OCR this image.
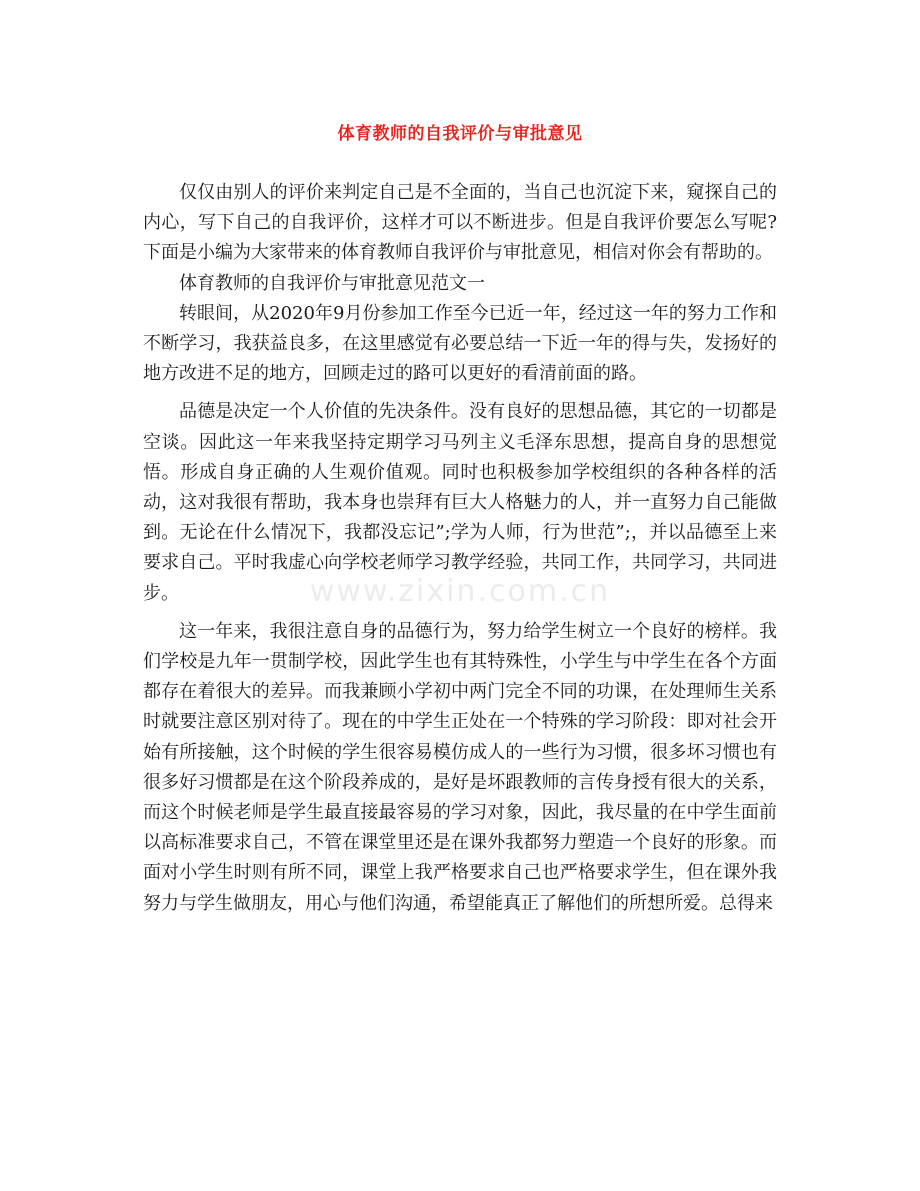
体育教师的自我评价与审批意见
www.zixin.com.cn

仅仅由别人的评价来判定自己是不全面的，当自己也沉淀下来，窥探自己的内心，写下自己的自我评价，这样才可以不断进步。但是自我评价要怎么写呢?下面是小编为大家带来的体育教师自我评价与审批意见，相信对你会有帮助的。

体育教师的自我评价与审批意见范文一

转眼间，从2020年9月份参加工作至今已近一年，经过这一年的努力工作和不断学习，我获益良多，在这里感觉有必要总结一下近一年的得与失，发扬好的地方改进不足的地方，回顾走过的路可以更好的看清前面的路。

品德是决定一个人价值的先决条件。没有良好的思想品德，其它的一切都是空谈。因此这一年来我坚持定期学习马列主义毛泽东思想，提高自身的思想觉悟。形成自身正确的人生观价值观。同时也积极参加学校组织的各种各样的活动，这对我很有帮助，我本身也崇拜有巨大人格魅力的人，并一直努力自己能做到。无论在什么情况下，我都没忘记”;学为人师，行为世范”;，并以品德至上来要求自己。平时我虚心向学校老师学习教学经验，共同工作，共同学习，共同进步。

这一年来，我很注意自身的品德行为，努力给学生树立一个良好的榜样。我们学校是九年一贯制学校，因此学生也有其特殊性，小学生与中学生在各个方面都存在着很大的差异。而我兼顾小学初中两门完全不同的功课，在处理师生关系时就要注意区别对待了。现在的中学生正处在一个特殊的学习阶段：即对社会开始有所接触，这个时候的学生很容易模仿成人的一些行为习惯，很多坏习惯也有很多好习惯都是在这个阶段养成的，是好是坏跟教师的言传身授有很大的关系，而这个时候老师是学生最直接最容易的学习对象，因此，我尽量的在中学生面前以高标准要求自己，不管在课堂里还是在课外我都努力塑造一个良好的形象。而面对小学生时则有所不同，课堂上我严格要求自己也严格要求学生，但在课外我努力与学生做朋友，用心与他们沟通，希望能真正了解他们的所想所爱。总得来
